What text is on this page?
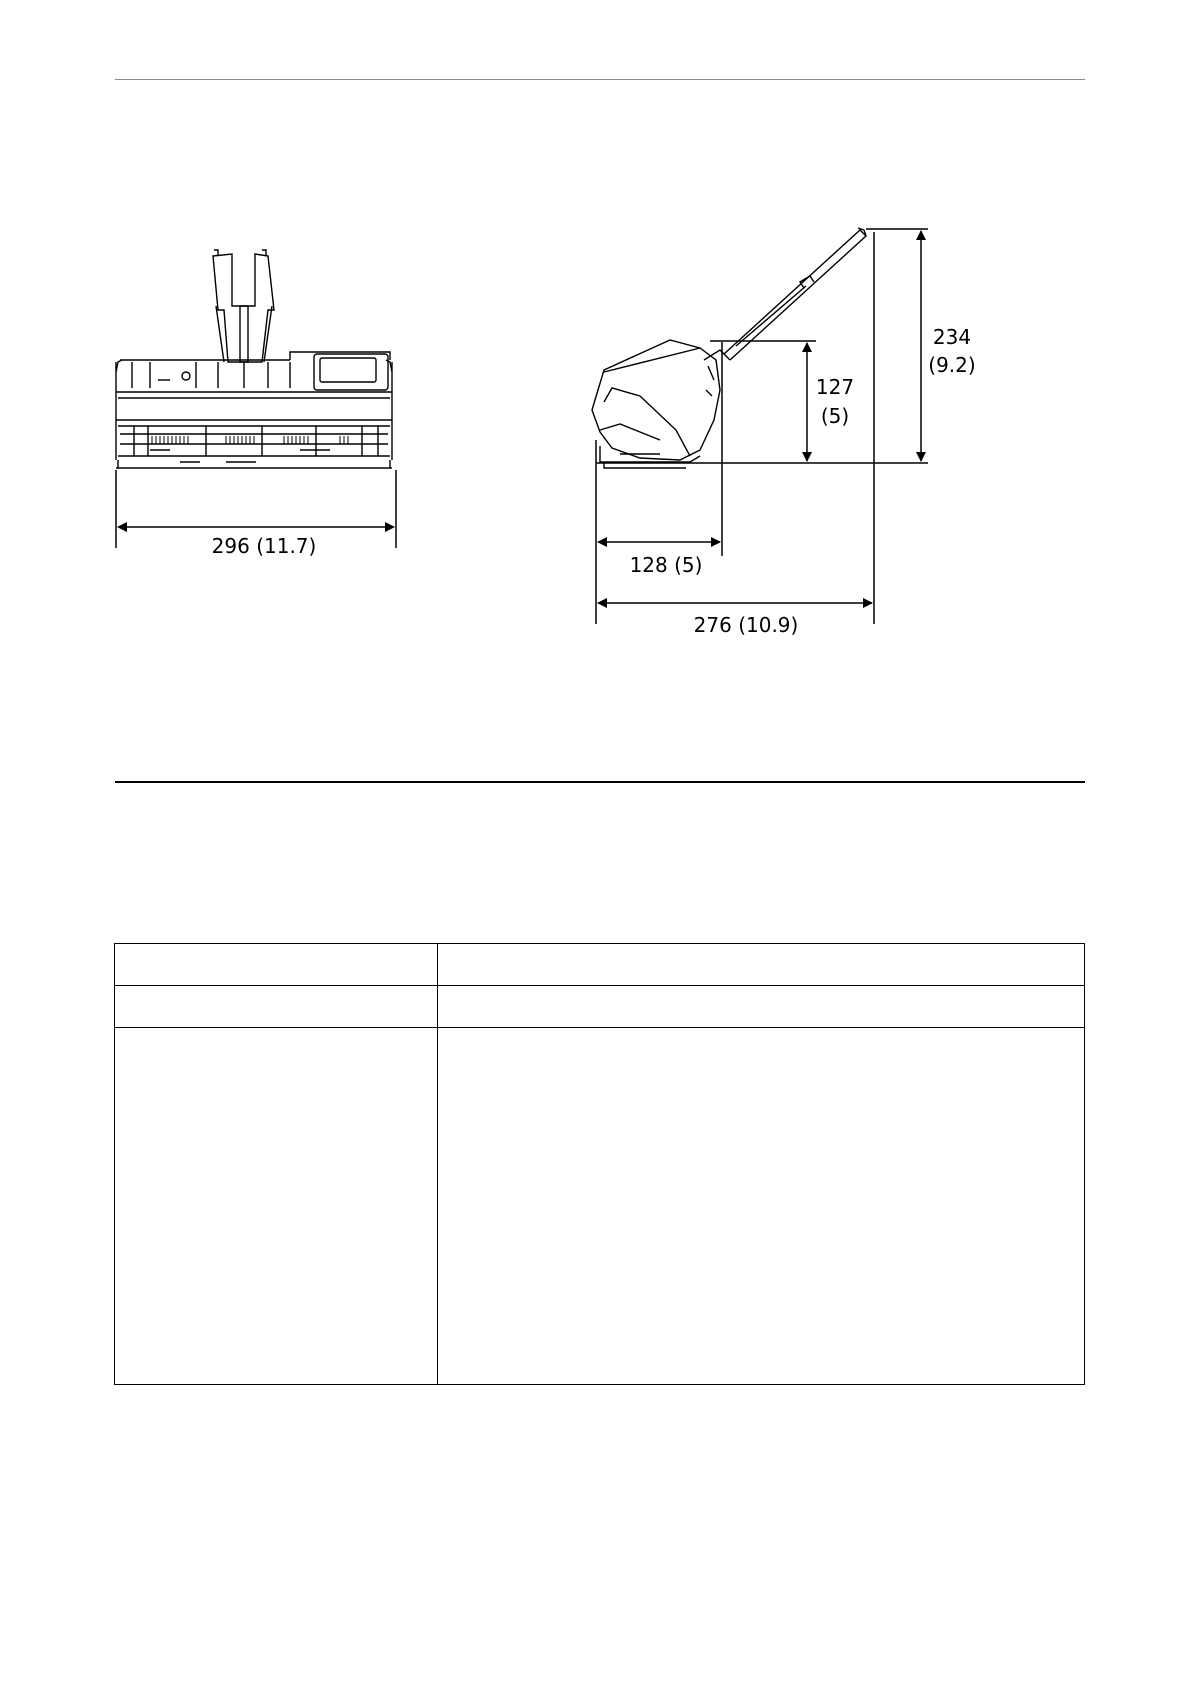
296 (11.7)
234
(9.2)
127
(5)
128 (5)
276 (10.9)
